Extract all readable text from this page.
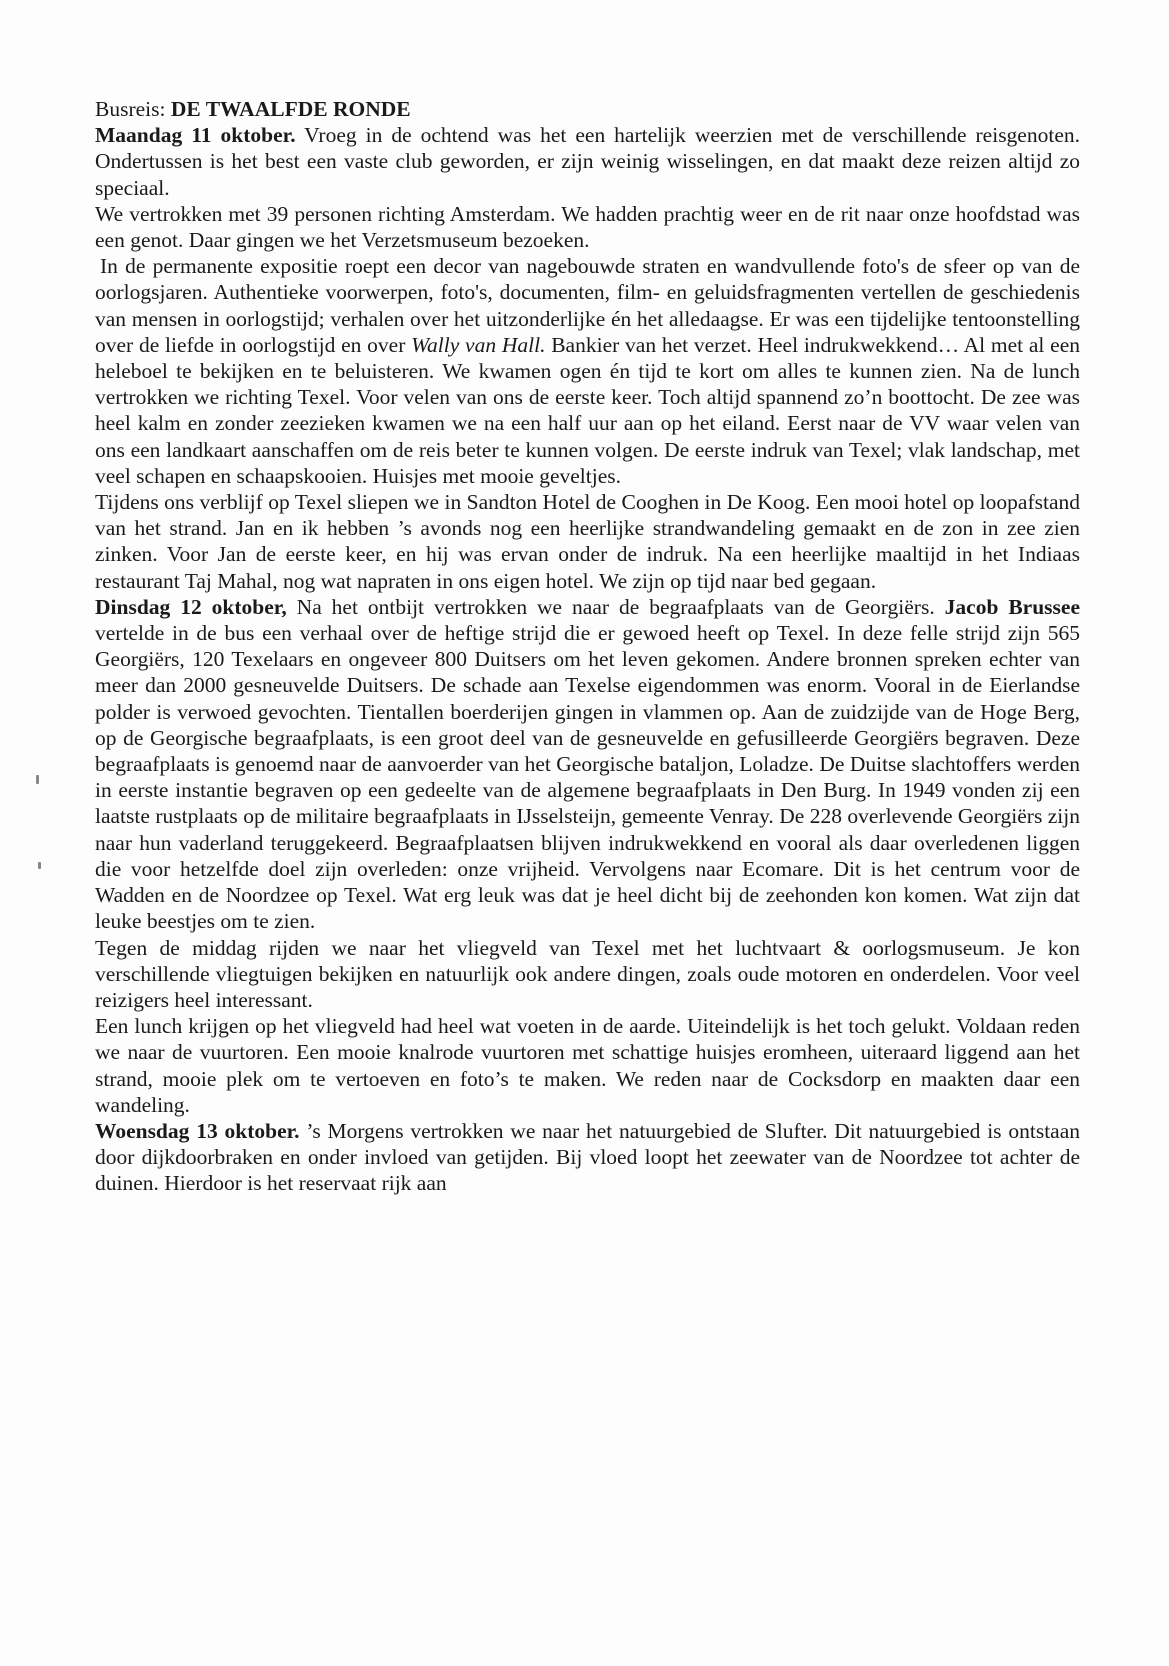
Busreis: DE TWAALFDE RONDE

Maandag 11 oktober. Vroeg in de ochtend was het een hartelijk weerzien met de verschillende reisgenoten. Ondertussen is het best een vaste club geworden, er zijn weinig wisselingen, en dat maakt deze reizen altijd zo speciaal.

We vertrokken met 39 personen richting Amsterdam. We hadden prachtig weer en de rit naar onze hoofdstad was een genot. Daar gingen we het Verzetsmuseum bezoeken.

In de permanente expositie roept een decor van nagebouwde straten en wandvullende foto's de sfeer op van de oorlogsjaren. Authentieke voorwerpen, foto's, documenten, film- en geluidsfragmenten vertellen de geschiedenis van mensen in oorlogstijd; verhalen over het uitzonderlijke én het alledaagse. Er was een tijdelijke tentoonstelling over de liefde in oorlogstijd en over Wally van Hall. Bankier van het verzet. Heel indrukwekkend… Al met al een heleboel te bekijken en te beluisteren. We kwamen ogen én tijd te kort om alles te kunnen zien. Na de lunch vertrokken we richting Texel. Voor velen van ons de eerste keer. Toch altijd spannend zo’n boottocht. De zee was heel kalm en zonder zeezieken kwamen we na een half uur aan op het eiland. Eerst naar de VV waar velen van ons een landkaart aanschaffen om de reis beter te kunnen volgen. De eerste indruk van Texel; vlak landschap, met veel schapen en schaapskooien. Huisjes met mooie geveltjes.

Tijdens ons verblijf op Texel sliepen we in Sandton Hotel de Cooghen in De Koog. Een mooi hotel op loopafstand van het strand. Jan en ik hebben ’s avonds nog een heerlijke strandwandeling gemaakt en de zon in zee zien zinken. Voor Jan de eerste keer, en hij was ervan onder de indruk. Na een heerlijke maaltijd in het Indiaas restaurant Taj Mahal, nog wat napraten in ons eigen hotel. We zijn op tijd naar bed gegaan.

Dinsdag 12 oktober, Na het ontbijt vertrokken we naar de begraafplaats van de Georgiërs. Jacob Brussee vertelde in de bus een verhaal over de heftige strijd die er gewoed heeft op Texel. In deze felle strijd zijn 565 Georgiërs, 120 Texelaars en ongeveer 800 Duitsers om het leven gekomen. Andere bronnen spreken echter van meer dan 2000 gesneuvelde Duitsers. De schade aan Texelse eigendommen was enorm. Vooral in de Eierlandse polder is verwoed gevochten. Tientallen boerderijen gingen in vlammen op. Aan de zuidzijde van de Hoge Berg, op de Georgische begraafplaats, is een groot deel van de gesneuvelde en gefusilleerde Georgiërs begraven. Deze begraafplaats is genoemd naar de aanvoerder van het Georgische bataljon, Loladze. De Duitse slachtoffers werden in eerste instantie begraven op een gedeelte van de algemene begraafplaats in Den Burg. In 1949 vonden zij een laatste rustplaats op de militaire begraafplaats in IJsselsteijn, gemeente Venray. De 228 overlevende Georgiërs zijn naar hun vaderland teruggekeerd. Begraafplaatsen blijven indrukwekkend en vooral als daar overledenen liggen die voor hetzelfde doel zijn overleden: onze vrijheid. Vervolgens naar Ecomare. Dit is het centrum voor de Wadden en de Noordzee op Texel. Wat erg leuk was dat je heel dicht bij de zeehonden kon komen. Wat zijn dat leuke beestjes om te zien.

Tegen de middag rijden we naar het vliegveld van Texel met het luchtvaart & oorlogsmuseum. Je kon verschillende vliegtuigen bekijken en natuurlijk ook andere dingen, zoals oude motoren en onderdelen. Voor veel reizigers heel interessant.

Een lunch krijgen op het vliegveld had heel wat voeten in de aarde. Uiteindelijk is het toch gelukt. Voldaan reden we naar de vuurtoren. Een mooie knalrode vuurtoren met schattige huisjes eromheen, uiteraard liggend aan het strand, mooie plek om te vertoeven en foto’s te maken. We reden naar de Cocksdorp en maakten daar een wandeling.

Woensdag 13 oktober. ’s Morgens vertrokken we naar het natuurgebied de Slufter. Dit natuurgebied is ontstaan door dijkdoorbraken en onder invloed van getijden. Bij vloed loopt het zeewater van de Noordzee tot achter de duinen. Hierdoor is het reservaat rijk aan
